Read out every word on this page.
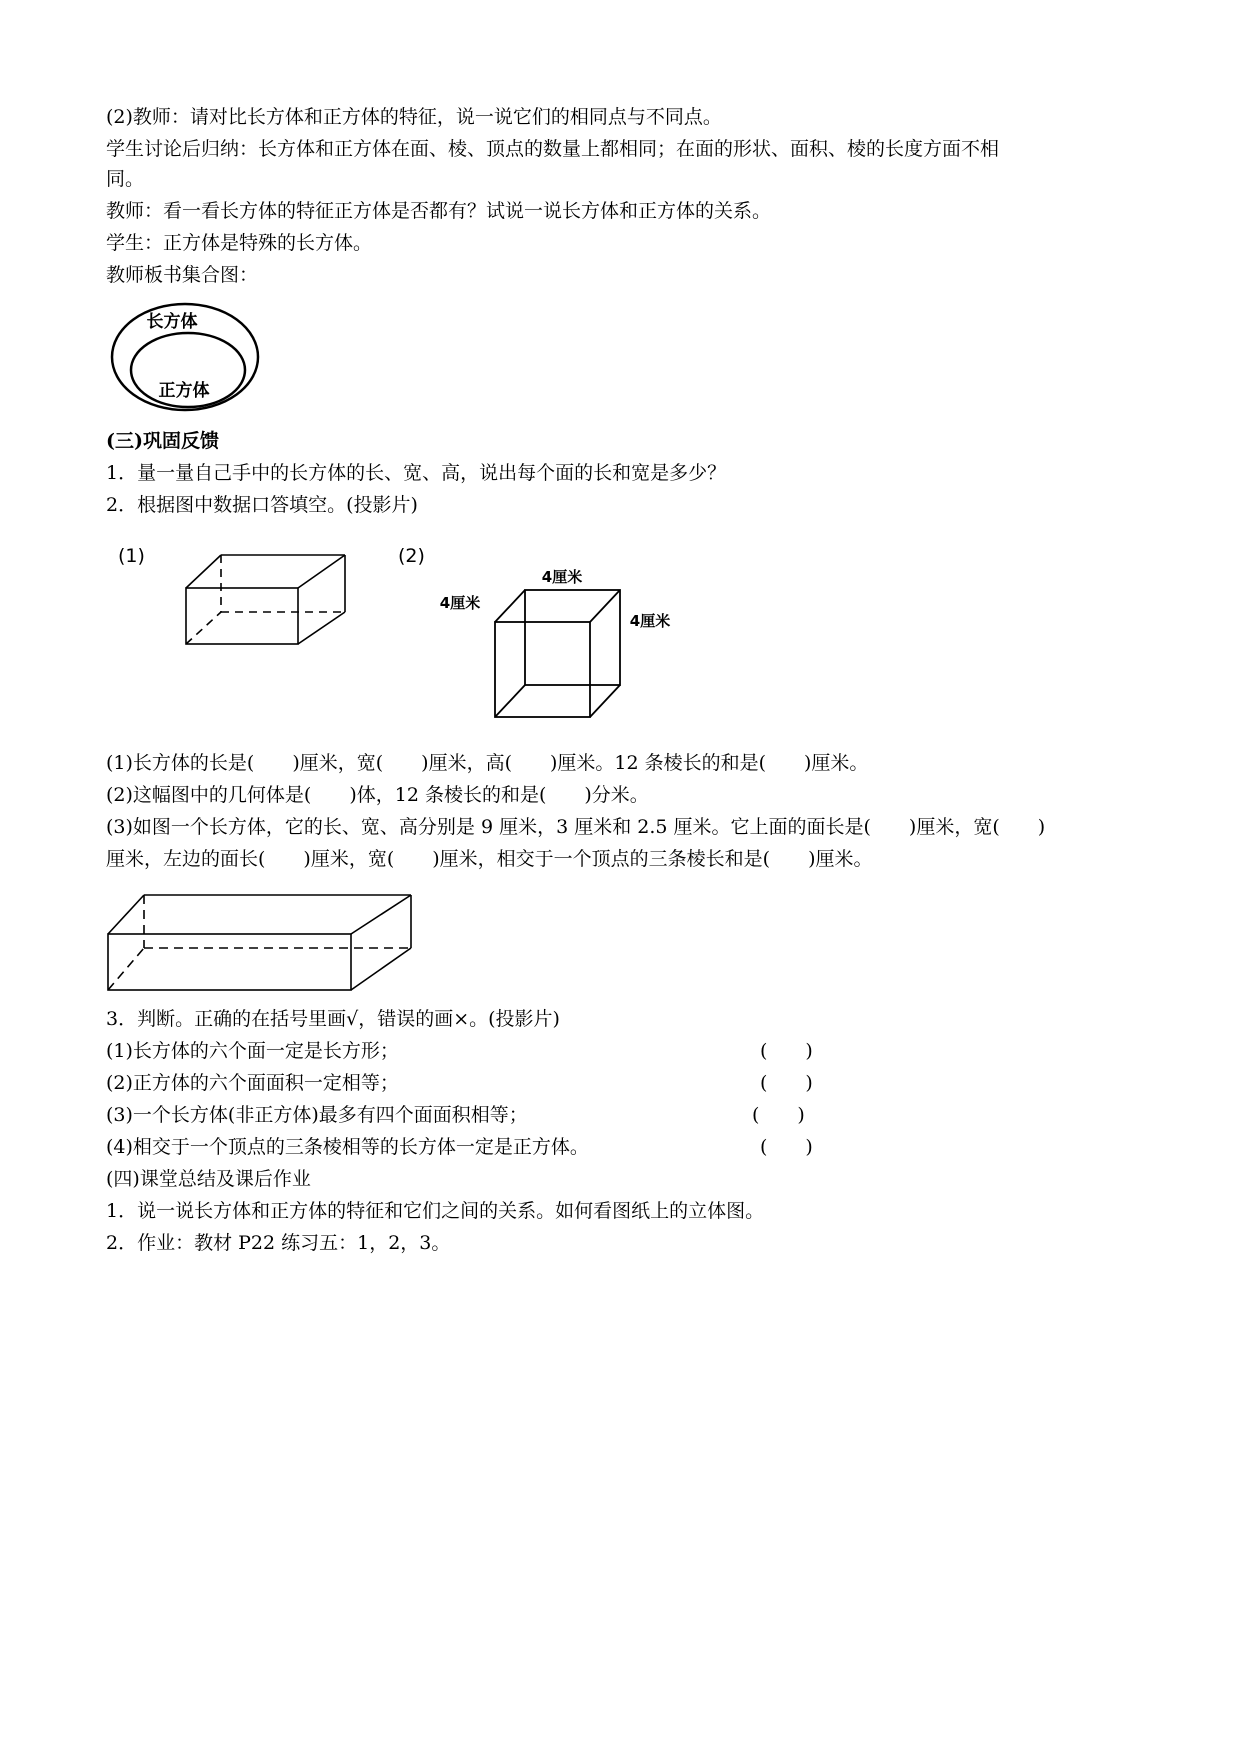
(2)教师：请对比长方体和正方体的特征，说一说它们的相同点与不同点。
学生讨论后归纳：长方体和正方体在面、棱、顶点的数量上都相同；在面的形状、面积、棱的长度方面不相
同。
教师：看一看长方体的特征正方体是否都有？试说一说长方体和正方体的关系。
学生：正方体是特殊的长方体。
教师板书集合图：
长方体
正方体
(三)巩固反馈
1．量一量自己手中的长方体的长、宽、高，说出每个面的长和宽是多少？
2．根据图中数据口答填空。(投影片)
(1)	(2)
4厘米
4厘米
4厘米
(1)长方体的长是(　　)厘米，宽(　　)厘米，高(　　)厘米。12 条棱长的和是(　　)厘米。
(2)这幅图中的几何体是(　　)体，12 条棱长的和是(　　)分米。
(3)如图一个长方体，它的长、宽、高分别是 9 厘米，3 厘米和 2.5 厘米。它上面的面长是(　　)厘米，宽(　　)
厘米，左边的面长(　　)厘米，宽(　　)厘米，相交于一个顶点的三条棱长和是(　　)厘米。
3．判断。正确的在括号里画√，错误的画×。(投影片)
(1)长方体的六个面一定是长方形；	(　　)
(2)正方体的六个面面积一定相等；	(　　)
(3)一个长方体(非正方体)最多有四个面面积相等；	(　　)
(4)相交于一个顶点的三条棱相等的长方体一定是正方体。	(　　)
(四)课堂总结及课后作业
1．说一说长方体和正方体的特征和它们之间的关系。如何看图纸上的立体图。
2．作业：教材 P22 练习五：1，2，3。
